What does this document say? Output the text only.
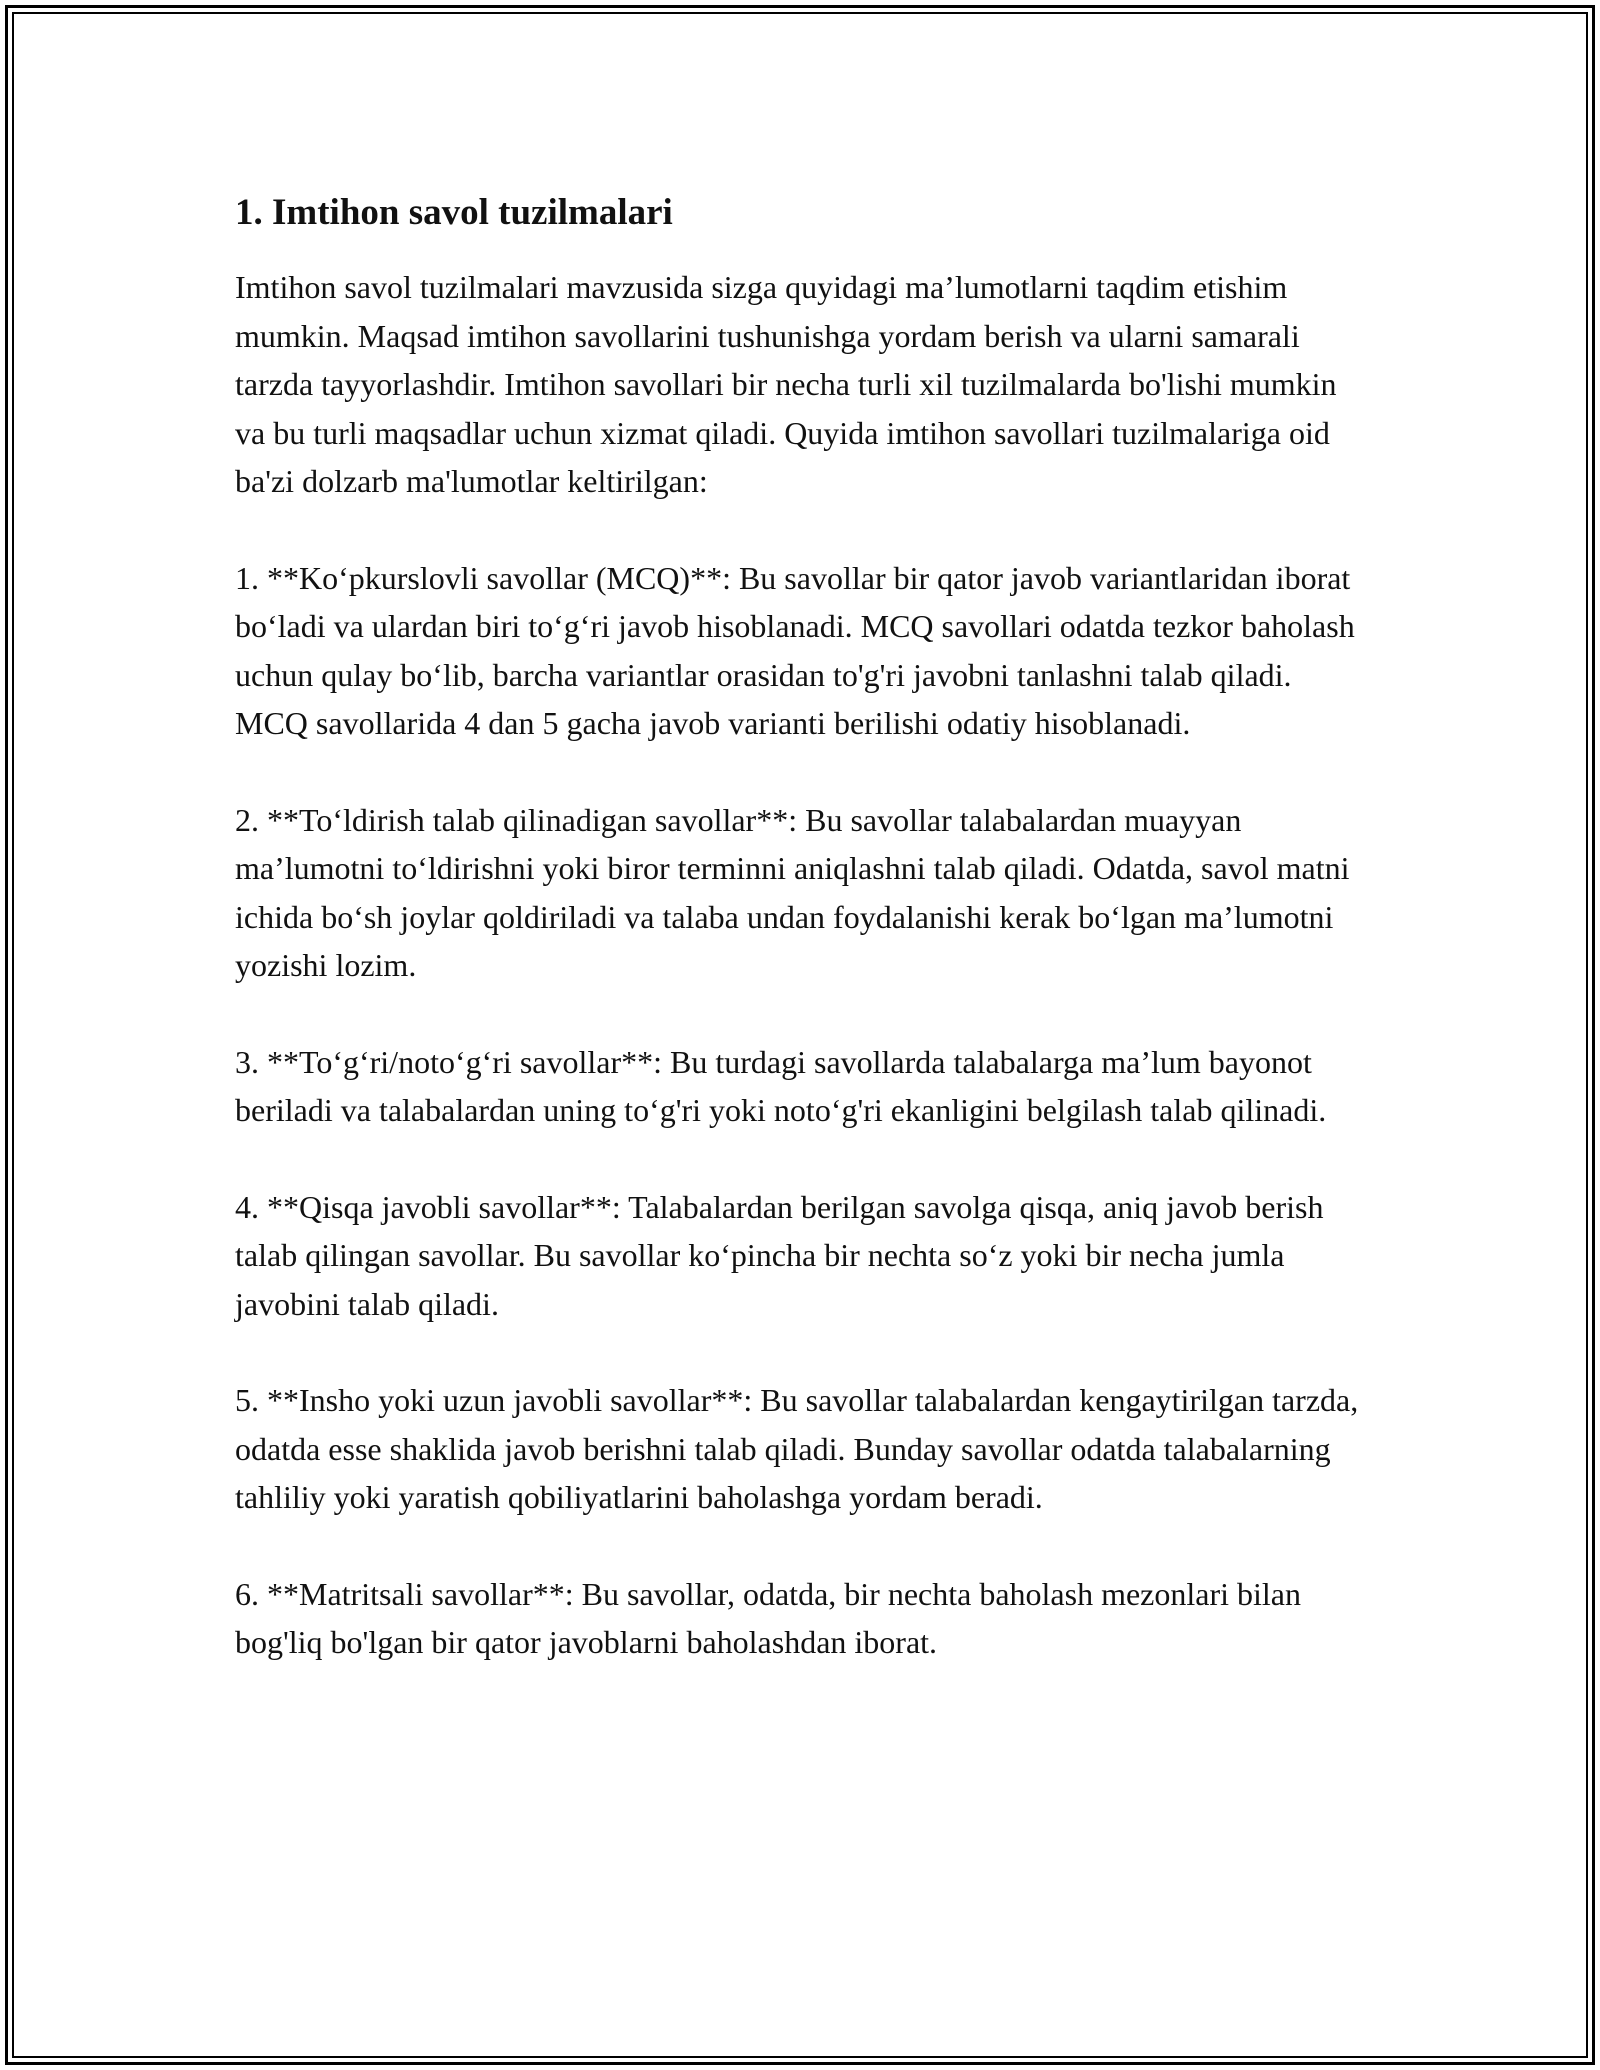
1. Imtihon savol tuzilmalari

Imtihon savol tuzilmalari mavzusida sizga quyidagi ma’lumotlarni taqdim etishim mumkin. Maqsad imtihon savollarini tushunishga yordam berish va ularni samarali tarzda tayyorlashdir. Imtihon savollari bir necha turli xil tuzilmalarda bo'lishi mumkin va bu turli maqsadlar uchun xizmat qiladi. Quyida imtihon savollari tuzilmalariga oid ba'zi dolzarb ma'lumotlar keltirilgan:

1. **Ko‘pkurslovli savollar (MCQ)**: Bu savollar bir qator javob variantlaridan iborat bo‘ladi va ulardan biri to‘g‘ri javob hisoblanadi. MCQ savollari odatda tezkor baholash uchun qulay bo‘lib, barcha variantlar orasidan to'g'ri javobni tanlashni talab qiladi. MCQ savollarida 4 dan 5 gacha javob varianti berilishi odatiy hisoblanadi.

2. **To‘ldirish talab qilinadigan savollar**: Bu savollar talabalardan muayyan ma’lumotni to‘ldirishni yoki biror terminni aniqlashni talab qiladi. Odatda, savol matni ichida bo‘sh joylar qoldiriladi va talaba undan foydalanishi kerak bo‘lgan ma’lumotni yozishi lozim.

3. **To‘g‘ri/noto‘g‘ri savollar**: Bu turdagi savollarda talabalarga ma’lum bayonot beriladi va talabalardan uning to‘g'ri yoki noto‘g'ri ekanligini belgilash talab qilinadi.

4. **Qisqa javobli savollar**: Talabalardan berilgan savolga qisqa, aniq javob berish talab qilingan savollar. Bu savollar ko‘pincha bir nechta so‘z yoki bir necha jumla javobini talab qiladi.

5. **Insho yoki uzun javobli savollar**: Bu savollar talabalardan kengaytirilgan tarzda, odatda esse shaklida javob berishni talab qiladi. Bunday savollar odatda talabalarning tahliliy yoki yaratish qobiliyatlarini baholashga yordam beradi.

6. **Matritsali savollar**: Bu savollar, odatda, bir nechta baholash mezonlari bilan bog'liq bo'lgan bir qator javoblarni baholashdan iborat.
